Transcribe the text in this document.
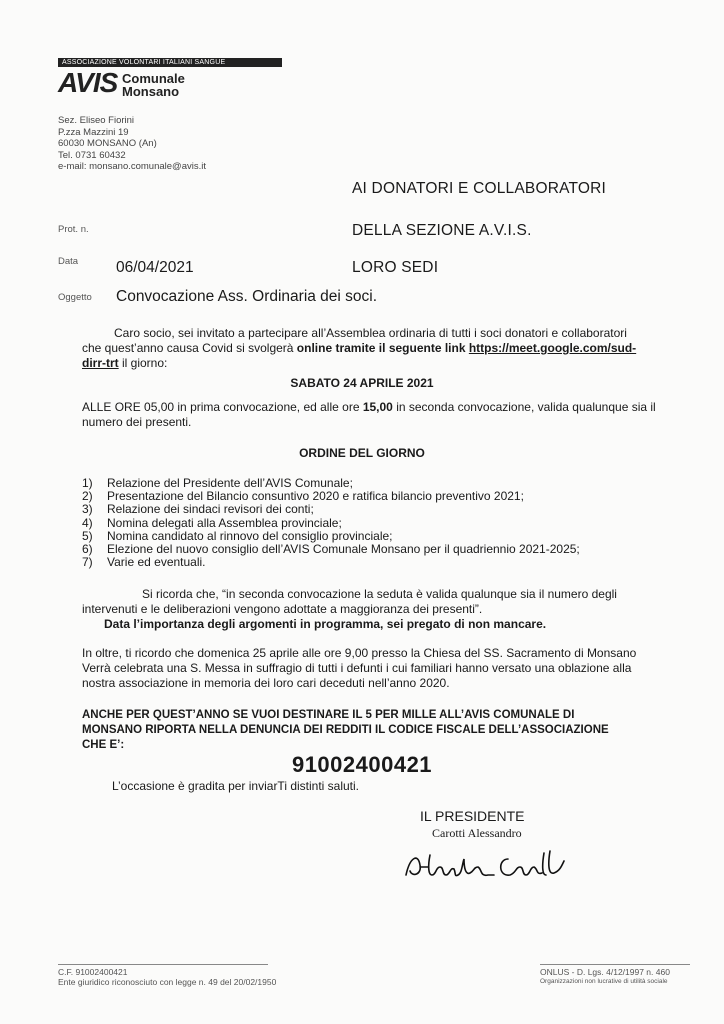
ASSOCIAZIONE VOLONTARI ITALIANI SANGUE
AVIS Comunale
Monsano
Sez. Eliseo Fiorini
P.zza Mazzini 19
60030 MONSANO (An)
Tel. 0731 60432
e-mail: monsano.comunale@avis.it
AI DONATORI E COLLABORATORI
DELLA SEZIONE A.V.I.S.
LORO SEDI
Prot. n.
Data 06/04/2021
Oggetto Convocazione Ass. Ordinaria dei soci.
Caro socio, sei invitato a partecipare all’Assemblea ordinaria di tutti i soci donatori e collaboratori
che quest’anno causa Covid si svolgerà online tramite il seguente link https://meet.google.com/sud-
dirr-trt il giorno:
SABATO 24 APRILE 2021
ALLE ORE 05,00 in prima convocazione, ed alle ore 15,00 in seconda convocazione, valida qualunque sia il
numero dei presenti.
ORDINE DEL GIORNO
1)	Relazione del Presidente dell’AVIS Comunale;
2)	Presentazione del Bilancio consuntivo 2020 e ratifica bilancio preventivo 2021;
3)	Relazione dei sindaci revisori dei conti;
4)	Nomina delegati alla Assemblea provinciale;
5)	Nomina candidato al rinnovo del consiglio provinciale;
6)	Elezione del nuovo consiglio dell’AVIS Comunale Monsano per il quadriennio 2021-2025;
7)	Varie ed eventuali.
Si ricorda che, “in seconda convocazione la seduta è valida qualunque sia il numero degli
intervenuti e le deliberazioni vengono adottate a maggioranza dei presenti”.
Data l’importanza degli argomenti in programma, sei pregato di non mancare.
In oltre, ti ricordo che domenica 25 aprile alle ore 9,00 presso la Chiesa del SS. Sacramento di Monsano
Verrà celebrata una S. Messa in suffragio di tutti i defunti i cui familiari hanno versato una oblazione alla
nostra associazione in memoria dei loro cari deceduti nell’anno 2020.
ANCHE PER QUEST’ANNO SE VUOI DESTINARE IL 5 PER MILLE ALL’AVIS COMUNALE DI
MONSANO RIPORTA NELLA DENUNCIA DEI REDDITI IL CODICE FISCALE DELL’ASSOCIAZIONE
CHE E’:
91002400421
L’occasione è gradita per inviarTi distinti saluti.
IL PRESIDENTE
Carotti Alessandro
C.F. 91002400421
Ente giuridico riconosciuto con legge n. 49 del 20/02/1950
ONLUS - D. Lgs. 4/12/1997 n. 460
Organizzazioni non lucrative di utilità sociale
